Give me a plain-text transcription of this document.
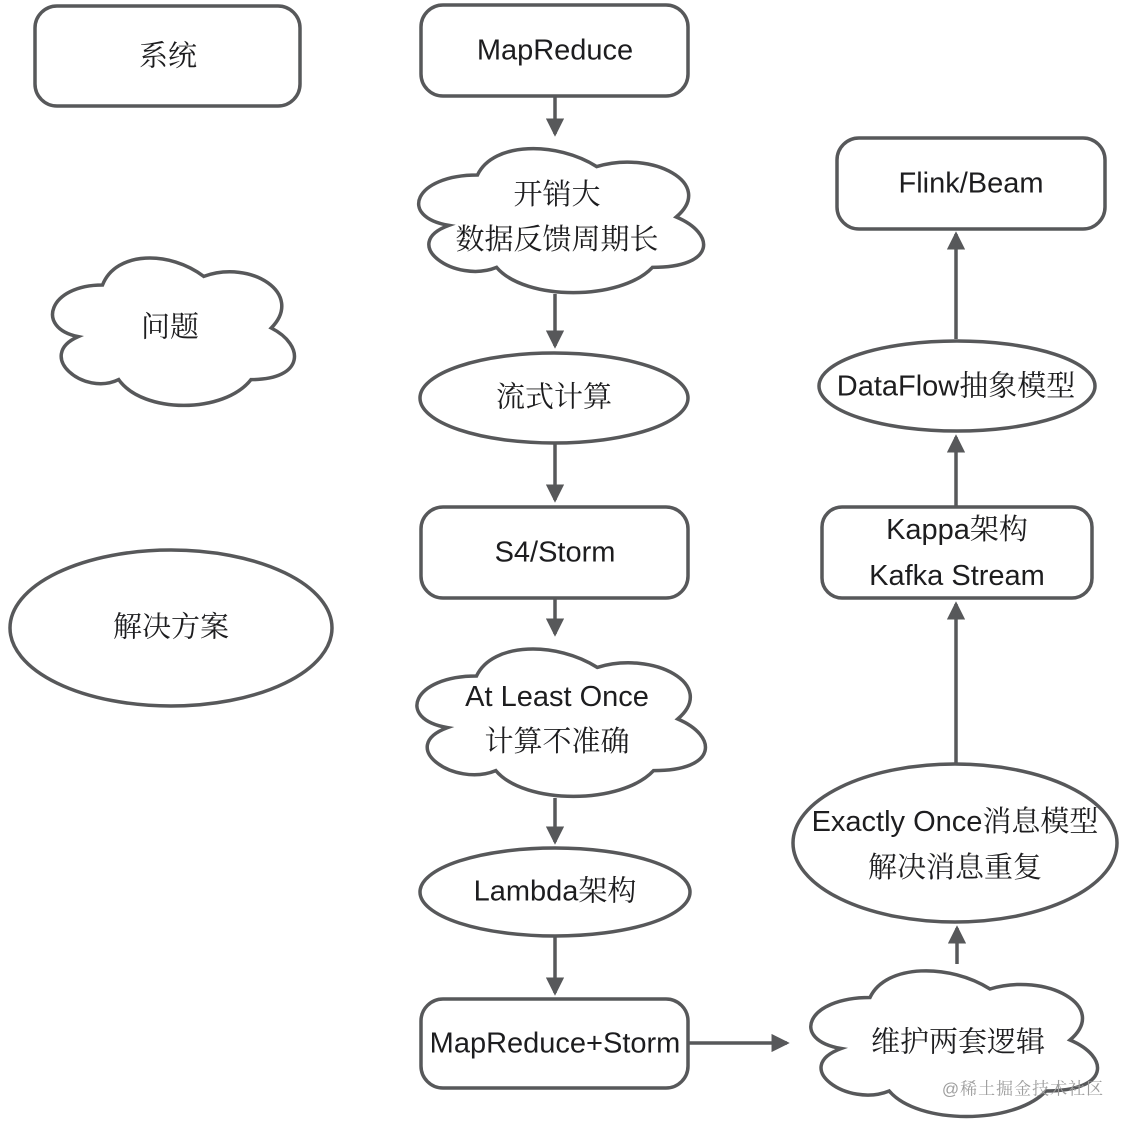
系统
问题
解决方案
MapReduce
开销大
数据反馈周期长
流式计算
S4/Storm
At Least Once
计算不准确
Lambda架构
MapReduce+Storm	维护两套逻辑
Exactly Once消息模型
解决消息重复
Kappa架构
Kafka Stream
DataFlow抽象模型
Flink/Beam
@稀土掘金技术社区
